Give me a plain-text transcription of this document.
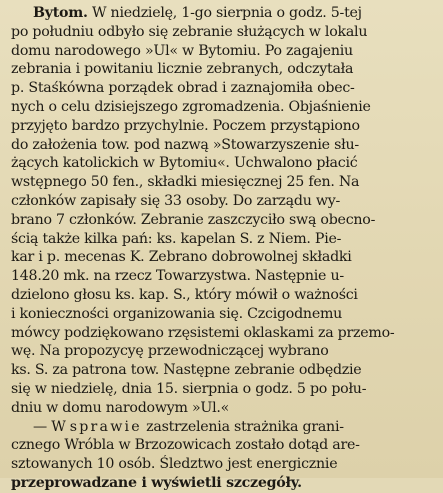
Bytom. W niedzielę, 1-go sierpnia o godz. 5-tej
po południu odbyło się zebranie służących w lokalu
domu narodowego »Ul« w Bytomiu. Po zagajeniu
zebrania i powitaniu licznie zebranych, odczytała
p. Staśkówna porządek obrad i zaznajomiła obec-
nych o celu dzisiejszego zgromadzenia. Objaśnienie
przyjęto bardzo przychylnie. Poczem przystąpiono
do założenia tow. pod nazwą »Stowarzyszenie słu-
żących katolickich w Bytomiu«. Uchwalono płacić
wstępnego 50 fen., składki miesięcznej 25 fen. Na
członków zapisały się 33 osoby. Do zarządu wy-
brano 7 członków. Zebranie zaszczyciło swą obecno-
ścią także kilka pań: ks. kapelan S. z Niem. Pie-
kar i p. mecenas K. Zebrano dobrowolnej składki
148.20 mk. na rzecz Towarzystwa. Następnie u-
dzielono głosu ks. kap. S., który mówił o ważności
i konieczności organizowania się. Czcigodnemu
mówcy podziękowano rzęsistemi oklaskami za przemo-
wę. Na propozycyę przewodniczącej wybrano
ks. S. za patrona tow. Następne zebranie odbędzie
się w niedzielę, dnia 15. sierpnia o godz. 5 po połu-
dniu w domu narodowym »Ul.«
— W sprawie zastrzelenia strażnika grani-
cznego Wróbla w Brzozowicach zostało dotąd are-
sztowanych 10 osób. Śledztwo jest energicznie
przeprowadzane i wyświetli szczegóły.
